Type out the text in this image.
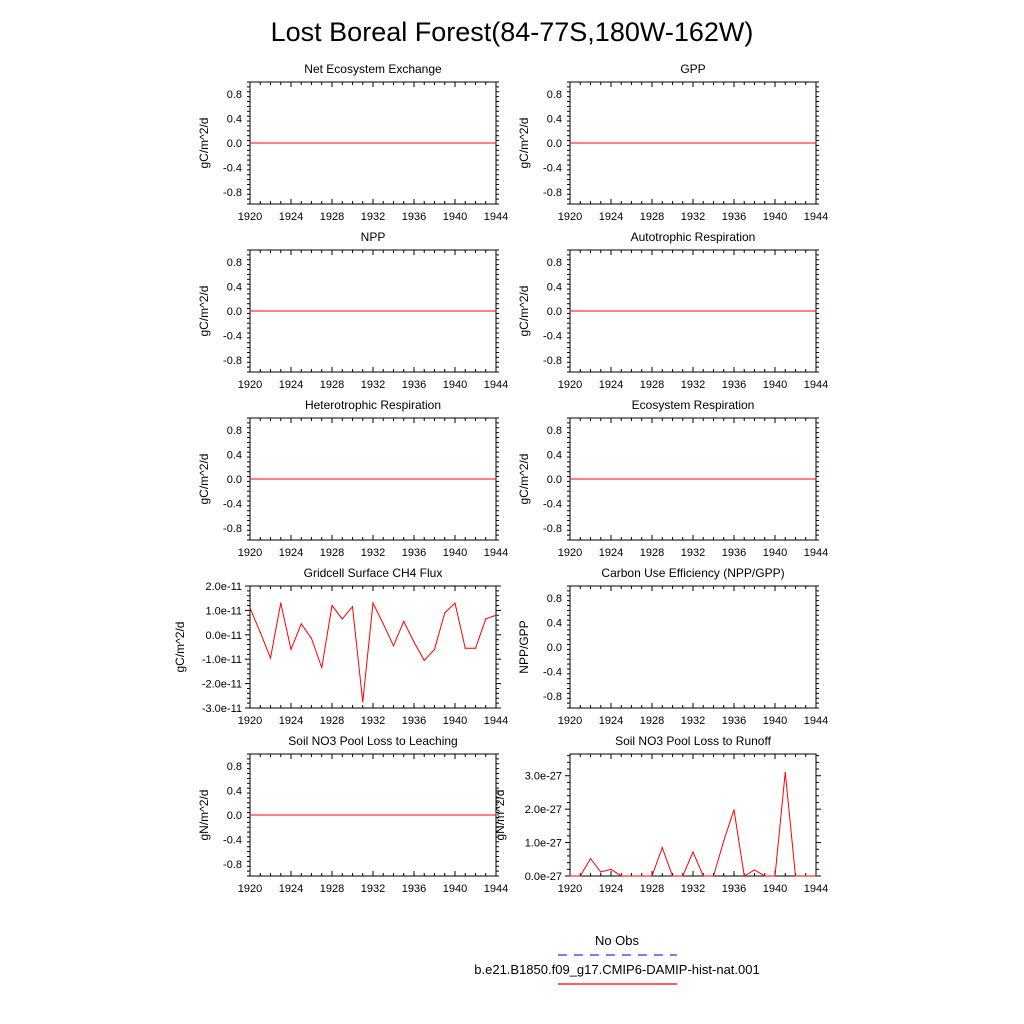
Lost Boreal Forest(84-77S,180W-162W)
Net Ecosystem Exchange
1920 1924 1928 1932 1936 1940 1944
-0.8
-0.4
0.0
0.4
0.8
gC/m^2/d
GPP
1920 1924 1928 1932 1936 1940 1944
-0.8
-0.4
0.0
0.4
0.8
gC/m^2/d
NPP
1920 1924 1928 1932 1936 1940 1944
-0.8
-0.4
0.0
0.4
0.8
gC/m^2/d
Autotrophic Respiration
1920 1924 1928 1932 1936 1940 1944
-0.8
-0.4
0.0
0.4
0.8
gC/m^2/d
Heterotrophic Respiration
1920 1924 1928 1932 1936 1940 1944
-0.8
-0.4
0.0
0.4
0.8
gC/m^2/d
Ecosystem Respiration
1920 1924 1928 1932 1936 1940 1944
-0.8
-0.4
0.0
0.4
0.8
gC/m^2/d
Gridcell Surface CH4 Flux
1920 1924 1928 1932 1936 1940 1944
-3.0e-11
-2.0e-11
-1.0e-11
0.0e-11
1.0e-11
2.0e-11
gC/m^2/d
Carbon Use Efficiency (NPP/GPP)
1920 1924 1928 1932 1936 1940 1944
-0.8
-0.4
0.0
0.4
0.8
NPP/GPP
Soil NO3 Pool Loss to Leaching
1920 1924 1928 1932 1936 1940 1944
-0.8
-0.4
0.0
0.4
0.8
gN/m^2/d
Soil NO3 Pool Loss to Runoff
1920 1924 1928 1932 1936 1940 1944
0.0e-27
1.0e-27
2.0e-27
3.0e-27
gN/m^2/d
No Obs
b.e21.B1850.f09_g17.CMIP6-DAMIP-hist-nat.001
